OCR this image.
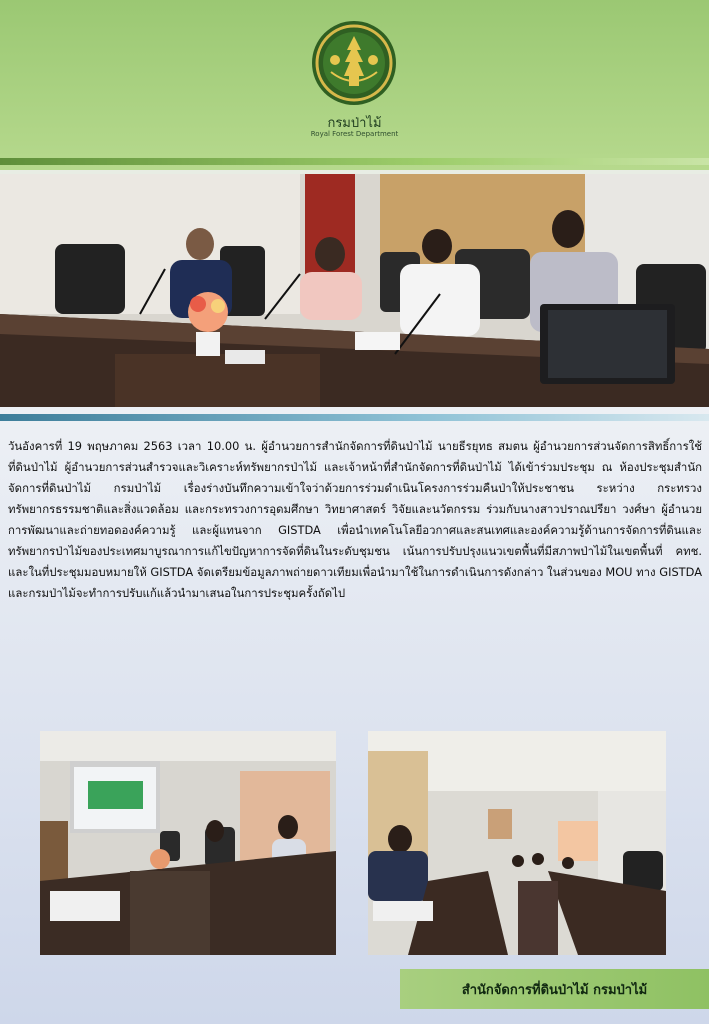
กรมป่าไม้
Royal Forest Department

วันอังคารที่ 19 พฤษภาคม 2563 เวลา 10.00 น. ผู้อำนวยการสำนักจัดการที่ดินป่าไม้ นายธีรยุทธ สมตน ผู้อำนวยการส่วนจัดการสิทธิ์การใช้ที่ดินป่าไม้ ผู้อำนวยการส่วนสำรวจและวิเคราะห์ทรัพยากรป่าไม้ และเจ้าหน้าที่สำนักจัดการที่ดินป่าไม้ ได้เข้าร่วมประชุม ณ ห้องประชุมสำนักจัดการที่ดินป่าไม้ กรมป่าไม้ เรื่องร่างบันทึกความเข้าใจว่าด้วยการร่วมดำเนินโครงการร่วมคืนป่าให้ประชาชน ระหว่าง กระทรวงทรัพยากรธรรมชาติและสิ่งแวดล้อม และกระทรวงการอุดมศึกษา วิทยาศาสตร์ วิจัยและนวัตกรรม ร่วมกับนางสาวปราณปรียา วงศ์ษา ผู้อำนวยการพัฒนาและถ่ายทอดองค์ความรู้ และผู้แทนจาก GISTDA เพื่อนำเทคโนโลยีอวกาศและสนเทศและองค์ความรู้ด้านการจัดการที่ดินและทรัพยากรป่าไม้ของประเทศมาบูรณาการแก้ไขปัญหาการจัดที่ดินในระดับชุมชน เน้นการปรับปรุงแนวเขตพื้นที่มีสภาพป่าไม้ในเขตพื้นที่ คทช. และในที่ประชุมมอบหมายให้ GISTDA จัดเตรียมข้อมูลภาพถ่ายดาวเทียมเพื่อนำมาใช้ในการดำเนินการดังกล่าว ในส่วนของ MOU ทาง GISTDA และกรมป่าไม้จะทำการปรับแก้แล้วนำมาเสนอในการประชุมครั้งถัดไป

สำนักจัดการที่ดินป่าไม้ กรมป่าไม้
